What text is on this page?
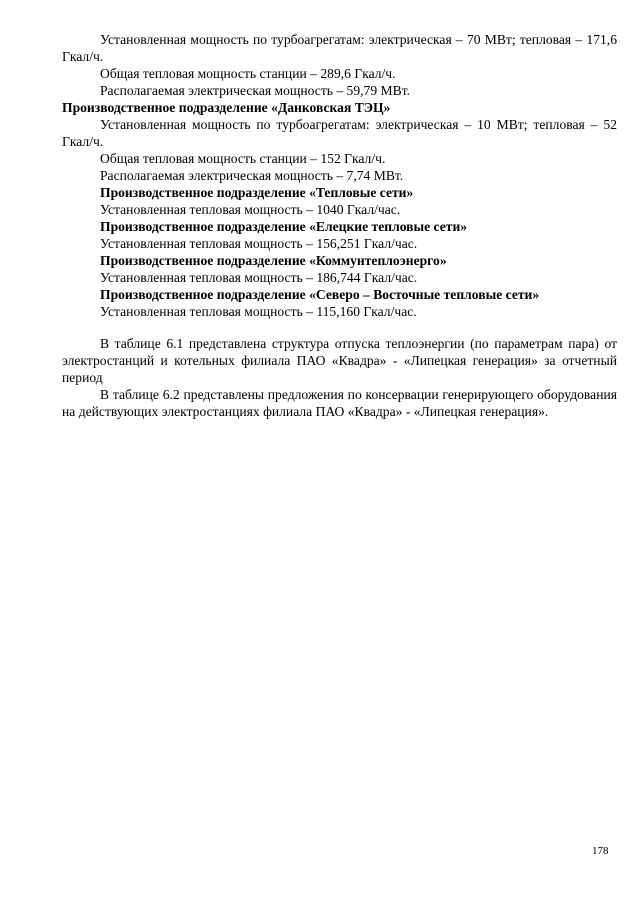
Установленная мощность по турбоагрегатам: электрическая – 70 МВт; тепловая – 171,6 Гкал/ч.

Общая тепловая мощность станции – 289,6 Гкал/ч.

Располагаемая электрическая мощность – 59,79 МВт.

Производственное подразделение «Данковская ТЭЦ»

Установленная мощность по турбоагрегатам: электрическая – 10 МВт; тепловая – 52 Гкал/ч.

Общая тепловая мощность станции – 152 Гкал/ч.

Располагаемая электрическая мощность – 7,74 МВт.

Производственное подразделение «Тепловые сети»

Установленная тепловая мощность – 1040 Гкал/час.

Производственное подразделение «Елецкие тепловые сети»

Установленная тепловая мощность – 156,251 Гкал/час.

Производственное подразделение «Коммунтеплоэнерго»

Установленная тепловая мощность – 186,744 Гкал/час.

Производственное подразделение «Северо – Восточные тепловые сети»

Установленная тепловая мощность – 115,160 Гкал/час.

В таблице 6.1 представлена структура отпуска теплоэнергии (по параметрам пара) от электростанций и котельных филиала ПАО «Квадра» - «Липецкая генерация» за отчетный период

В таблице 6.2 представлены предложения по консервации генерирующего оборудования на действующих электростанциях филиала ПАО «Квадра» - «Липецкая генерация».

178
